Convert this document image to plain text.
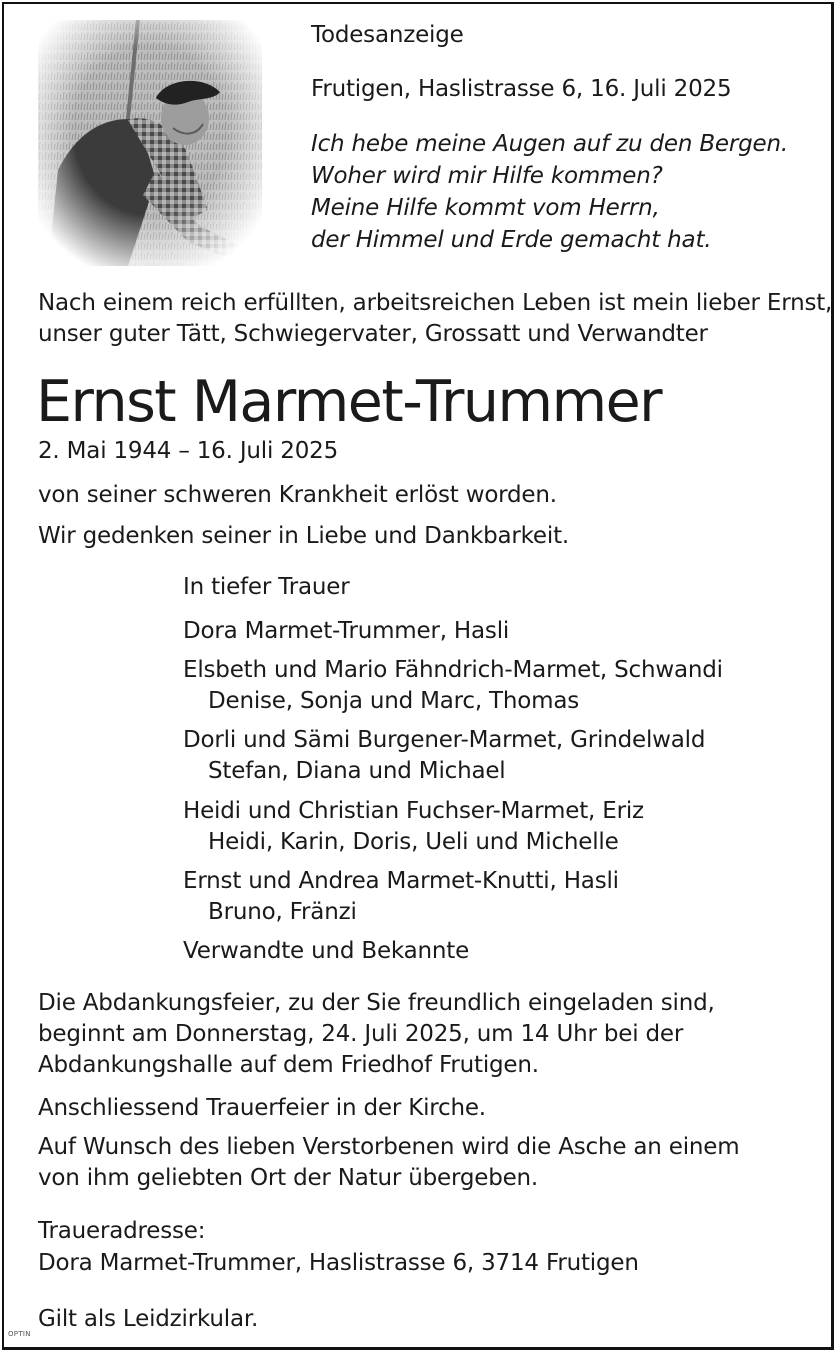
Todesanzeige
Frutigen, Haslistrasse 6, 16. Juli 2025
Ich hebe meine Augen auf zu den Bergen.
Woher wird mir Hilfe kommen?
Meine Hilfe kommt vom Herrn,
der Himmel und Erde gemacht hat.
Nach einem reich erfüllten, arbeitsreichen Leben ist mein lieber Ernst,
unser guter Tätt, Schwiegervater, Grossatt und Verwandter
Ernst Marmet-Trummer
2. Mai 1944 – 16. Juli 2025
von seiner schweren Krankheit erlöst worden.
Wir gedenken seiner in Liebe und Dankbarkeit.
In tiefer Trauer
Dora Marmet-Trummer, Hasli
Elsbeth und Mario Fähndrich-Marmet, Schwandi
Denise, Sonja und Marc, Thomas
Dorli und Sämi Burgener-Marmet, Grindelwald
Stefan, Diana und Michael
Heidi und Christian Fuchser-Marmet, Eriz
Heidi, Karin, Doris, Ueli und Michelle
Ernst und Andrea Marmet-Knutti, Hasli
Bruno, Fränzi
Verwandte und Bekannte
Die Abdankungsfeier, zu der Sie freundlich eingeladen sind,
beginnt am Donnerstag, 24. Juli 2025, um 14 Uhr bei der
Abdankungshalle auf dem Friedhof Frutigen.
Anschliessend Trauerfeier in der Kirche.
Auf Wunsch des lieben Verstorbenen wird die Asche an einem
von ihm geliebten Ort der Natur übergeben.
Traueradresse:
Dora Marmet-Trummer, Haslistrasse 6, 3714 Frutigen
Gilt als Leidzirkular.
OPTIN
